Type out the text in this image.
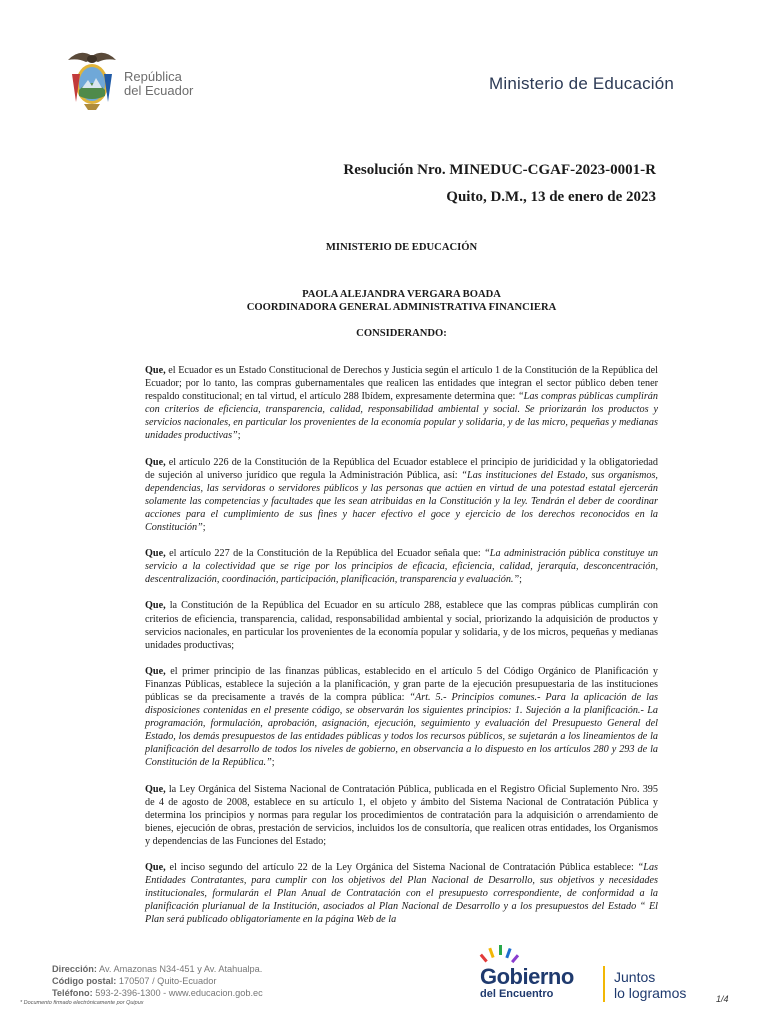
República
del Ecuador	Ministerio de Educación
Resolución Nro. MINEDUC-CGAF-2023-0001-R
Quito, D.M., 13 de enero de 2023
MINISTERIO DE EDUCACIÓN
PAOLA ALEJANDRA VERGARA BOADA
COORDINADORA GENERAL ADMINISTRATIVA FINANCIERA
CONSIDERANDO:

Que, el Ecuador es un Estado Constitucional de Derechos y Justicia según el artículo 1 de la Constitución de la República del Ecuador; por lo tanto, las compras gubernamentales que realicen las entidades que integran el sector público deben tener respaldo constitucional; en tal virtud, el artículo 288 Ibídem, expresamente determina que: “Las compras públicas cumplirán con criterios de eficiencia, transparencia, calidad, responsabilidad ambiental y social. Se priorizarán los productos y servicios nacionales, en particular los provenientes de la economía popular y solidaria, y de las micro, pequeñas y medianas unidades productivas”;

Que, el artículo 226 de la Constitución de la República del Ecuador establece el principio de juridicidad y la obligatoriedad de sujeción al universo jurídico que regula la Administración Pública, así: “Las instituciones del Estado, sus organismos, dependencias, las servidoras o servidores públicos y las personas que actúen en virtud de una potestad estatal ejercerán solamente las competencias y facultades que les sean atribuidas en la Constitución y la ley. Tendrán el deber de coordinar acciones para el cumplimiento de sus fines y hacer efectivo el goce y ejercicio de los derechos reconocidos en la Constitución”;

Que, el artículo 227 de la Constitución de la República del Ecuador señala que: “La administración pública constituye un servicio a la colectividad que se rige por los principios de eficacia, eficiencia, calidad, jerarquía, desconcentración, descentralización, coordinación, participación, planificación, transparencia y evaluación.”;

Que, la Constitución de la República del Ecuador en su artículo 288, establece que las compras públicas cumplirán con criterios de eficiencia, transparencia, calidad, responsabilidad ambiental y social, priorizando la adquisición de productos y servicios nacionales, en particular los provenientes de la economía popular y solidaria, y de los micros, pequeñas y medianas unidades productivas;

Que, el primer principio de las finanzas públicas, establecido en el artículo 5 del Código Orgánico de Planificación y Finanzas Públicas, establece la sujeción a la planificación, y gran parte de la ejecución presupuestaria de las instituciones públicas se da precisamente a través de la compra pública: “Art. 5.- Principios comunes.- Para la aplicación de las disposiciones contenidas en el presente código, se observarán los siguientes principios: 1. Sujeción a la planificación.- La programación, formulación, aprobación, asignación, ejecución, seguimiento y evaluación del Presupuesto General del Estado, los demás presupuestos de las entidades públicas y todos los recursos públicos, se sujetarán a los lineamientos de la planificación del desarrollo de todos los niveles de gobierno, en observancia a lo dispuesto en los artículos 280 y 293 de la Constitución de la República.”;

Que, la Ley Orgánica del Sistema Nacional de Contratación Pública, publicada en el Registro Oficial Suplemento Nro. 395 de 4 de agosto de 2008, establece en su artículo 1, el objeto y ámbito del Sistema Nacional de Contratación Pública y determina los principios y normas para regular los procedimientos de contratación para la adquisición o arrendamiento de bienes, ejecución de obras, prestación de servicios, incluidos los de consultoría, que realicen otras entidades, los Organismos y dependencias de las Funciones del Estado;

Que, el inciso segundo del artículo 22 de la Ley Orgánica del Sistema Nacional de Contratación Pública establece: “Las Entidades Contratantes, para cumplir con los objetivos del Plan Nacional de Desarrollo, sus objetivos y necesidades institucionales, formularán el Plan Anual de Contratación con el presupuesto correspondiente, de conformidad a la planificación plurianual de la Institución, asociados al Plan Nacional de Desarrollo y a los presupuestos del Estado “ El Plan será publicado obligatoriamente en la página Web de la

Dirección: Av. Amazonas N34-451 y Av. Atahualpa.
Código postal: 170507 / Quito-Ecuador
Teléfono: 593-2-396-1300 - www.educacion.gob.ec
* Documento firmado electrónicamente por Quipux
Gobierno
del Encuentro
Juntos
lo logramos	1/4
